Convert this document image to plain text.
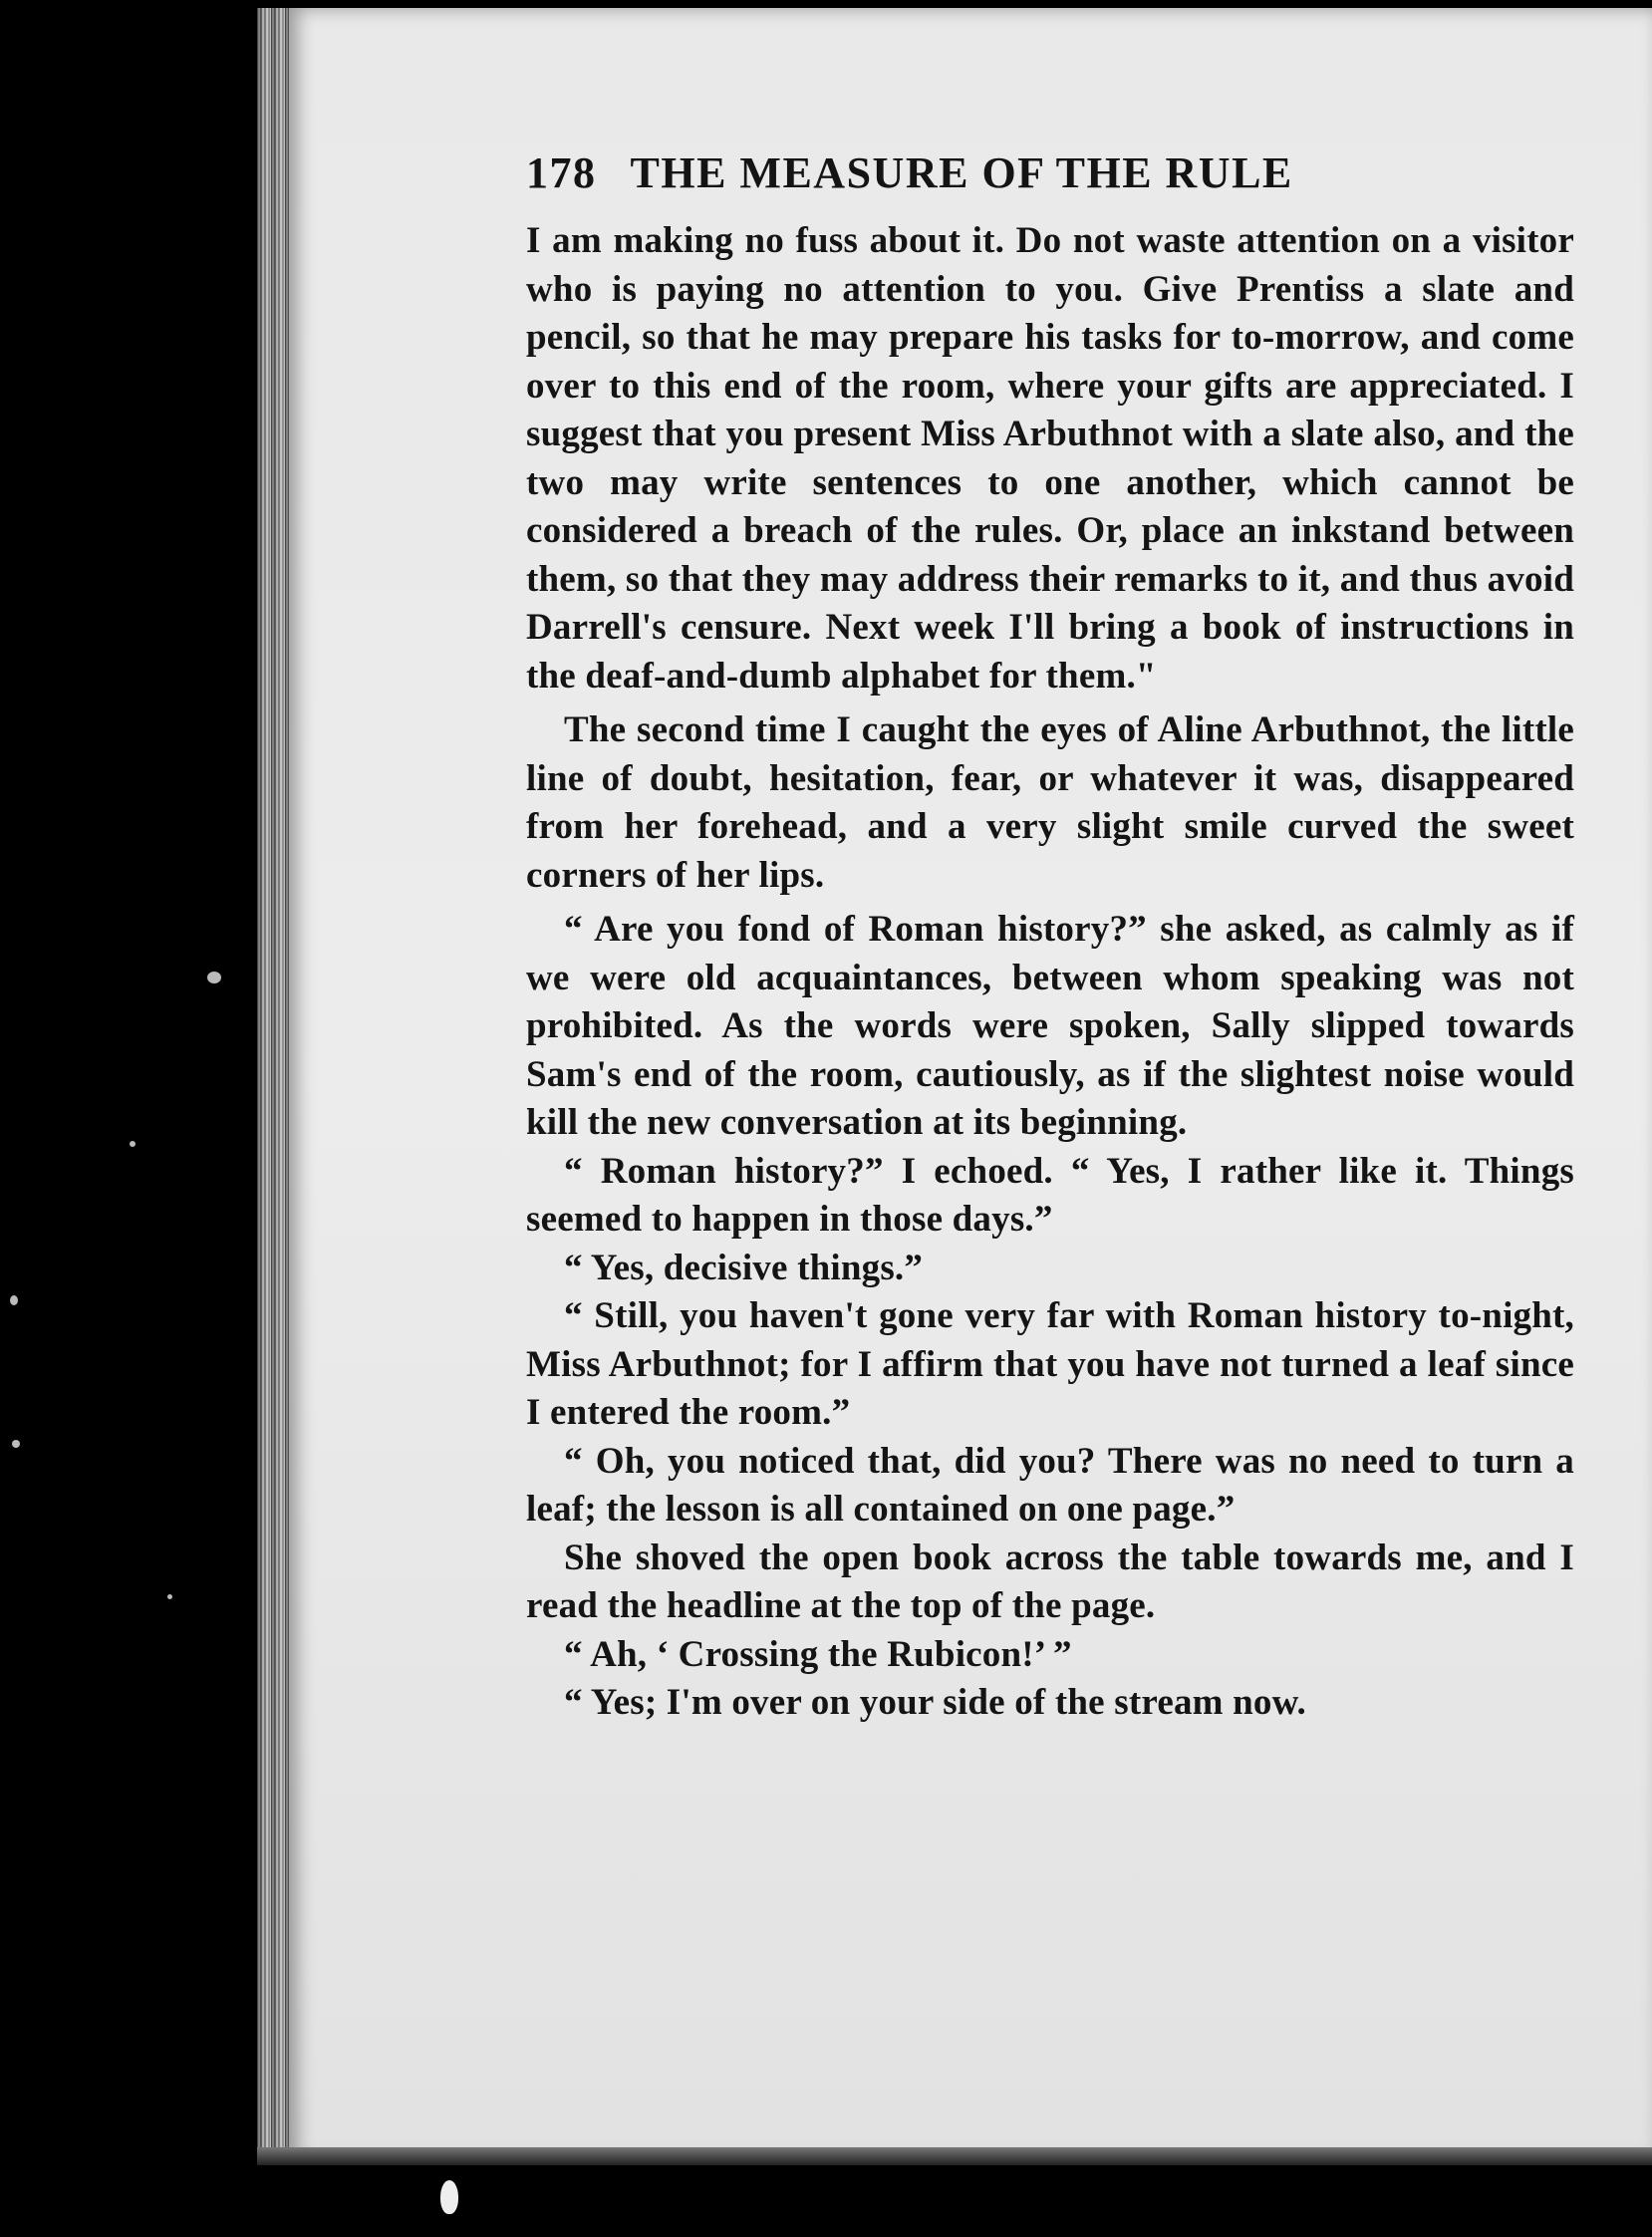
178 THE MEASURE OF THE RULE

I am making no fuss about it. Do not waste attention on a visitor who is paying no attention to you. Give Prentiss a slate and pencil, so that he may prepare his tasks for to-morrow, and come over to this end of the room, where your gifts are appreciated. I suggest that you present Miss Arbuthnot with a slate also, and the two may write sentences to one another, which cannot be considered a breach of the rules. Or, place an inkstand between them, so that they may address their remarks to it, and thus avoid Darrell's censure. Next week I'll bring a book of instructions in the deaf-and-dumb alphabet for them."

The second time I caught the eyes of Aline Arbuthnot, the little line of doubt, hesitation, fear, or whatever it was, disappeared from her forehead, and a very slight smile curved the sweet corners of her lips.

“ Are you fond of Roman history?” she asked, as calmly as if we were old acquaintances, between whom speaking was not prohibited. As the words were spoken, Sally slipped towards Sam's end of the room, cautiously, as if the slightest noise would kill the new conversation at its beginning.

“ Roman history?” I echoed. “ Yes, I rather like it. Things seemed to happen in those days.”

“ Yes, decisive things.”

“ Still, you haven't gone very far with Roman history to-night, Miss Arbuthnot; for I affirm that you have not turned a leaf since I entered the room.”

“ Oh, you noticed that, did you? There was no need to turn a leaf; the lesson is all contained on one page.”

She shoved the open book across the table towards me, and I read the headline at the top of the page.

“ Ah, ‘ Crossing the Rubicon!’ ”

“ Yes; I'm over on your side of the stream now.
